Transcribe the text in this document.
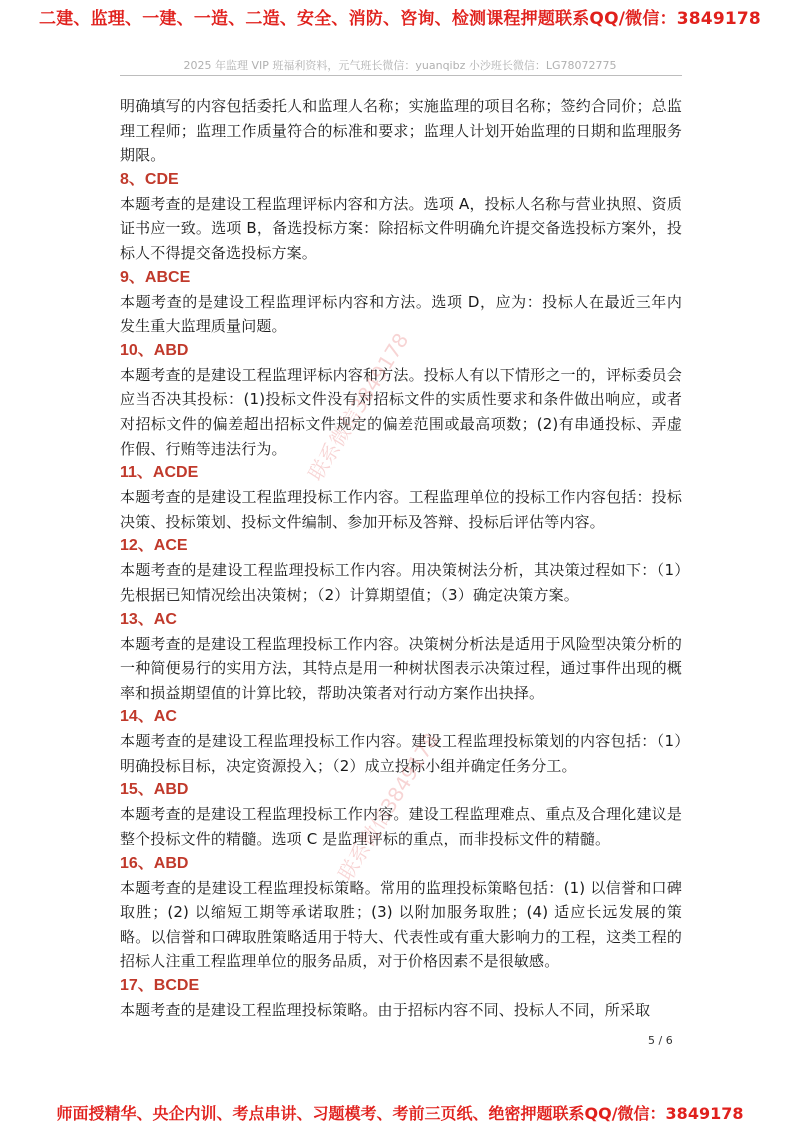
二建、监理、一建、一造、二造、安全、消防、咨询、检测课程押题联系QQ/微信：3849178
2025 年监理 VIP 班福利资料，元气班长微信：yuanqibz 小沙班长微信：LG78072775

明确填写的内容包括委托人和监理人名称；实施监理的项目名称；签约合同价；总监理工程师；监理工作质量符合的标准和要求；监理人计划开始监理的日期和监理服务期限。

8、CDE

本题考查的是建设工程监理评标内容和方法。选项 A，投标人名称与营业执照、资质证书应一致。选项 B，备选投标方案：除招标文件明确允许提交备选投标方案外，投标人不得提交备选投标方案。

9、ABCE

本题考查的是建设工程监理评标内容和方法。选项 D，应为：投标人在最近三年内发生重大监理质量问题。

10、ABD

本题考查的是建设工程监理评标内容和方法。投标人有以下情形之一的，评标委员会应当否决其投标：(1)投标文件没有对招标文件的实质性要求和条件做出响应，或者对招标文件的偏差超出招标文件规定的偏差范围或最高项数；(2)有串通投标、弄虚作假、行贿等违法行为。

11、ACDE

本题考查的是建设工程监理投标工作内容。工程监理单位的投标工作内容包括：投标决策、投标策划、投标文件编制、参加开标及答辩、投标后评估等内容。

12、ACE

本题考查的是建设工程监理投标工作内容。用决策树法分析，其决策过程如下：（1）先根据已知情况绘出决策树；（2）计算期望值；（3）确定决策方案。

13、AC

本题考查的是建设工程监理投标工作内容。决策树分析法是适用于风险型决策分析的一种简便易行的实用方法，其特点是用一种树状图表示决策过程，通过事件出现的概率和损益期望值的计算比较，帮助决策者对行动方案作出抉择。

14、AC

本题考查的是建设工程监理投标工作内容。建设工程监理投标策划的内容包括：（1）明确投标目标，决定资源投入；（2）成立投标小组并确定任务分工。

15、ABD

本题考查的是建设工程监理投标工作内容。建设工程监理难点、重点及合理化建议是整个投标文件的精髓。选项 C 是监理评标的重点，而非投标文件的精髓。

16、ABD

本题考查的是建设工程监理投标策略。常用的监理投标策略包括：(1) 以信誉和口碑取胜；(2) 以缩短工期等承诺取胜；(3) 以附加服务取胜；(4) 适应长远发展的策略。以信誉和口碑取胜策略适用于特大、代表性或有重大影响力的工程，这类工程的招标人注重工程监理单位的服务品质，对于价格因素不是很敏感。

17、BCDE

本题考查的是建设工程监理投标策略。由于招标内容不同、投标人不同，所采取

联系微信3849178
联系微信3849178
5 / 6
师面授精华、央企内训、考点串讲、习题模考、考前三页纸、绝密押题联系QQ/微信：3849178
